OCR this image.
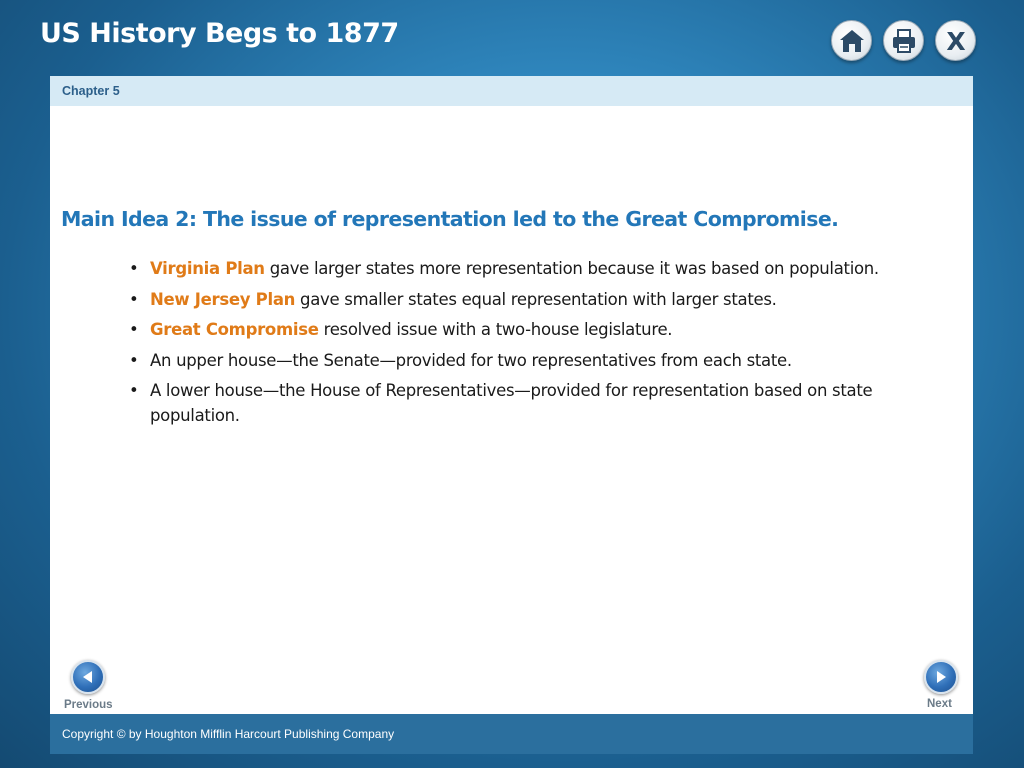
US History Begs to 1877	X
Chapter 5
Main Idea 2: The issue of representation led to the Great Compromise.
• Virginia Plan gave larger states more representation because it was based on population.
• New Jersey Plan gave smaller states equal representation with larger states.
• Great Compromise resolved issue with a two-house legislature.
• An upper house—the Senate—provided for two representatives from each state.
• A lower house—the House of Representatives—provided for representation based on state population.
Previous	Next
Copyright © by Houghton Mifflin Harcourt Publishing Company
